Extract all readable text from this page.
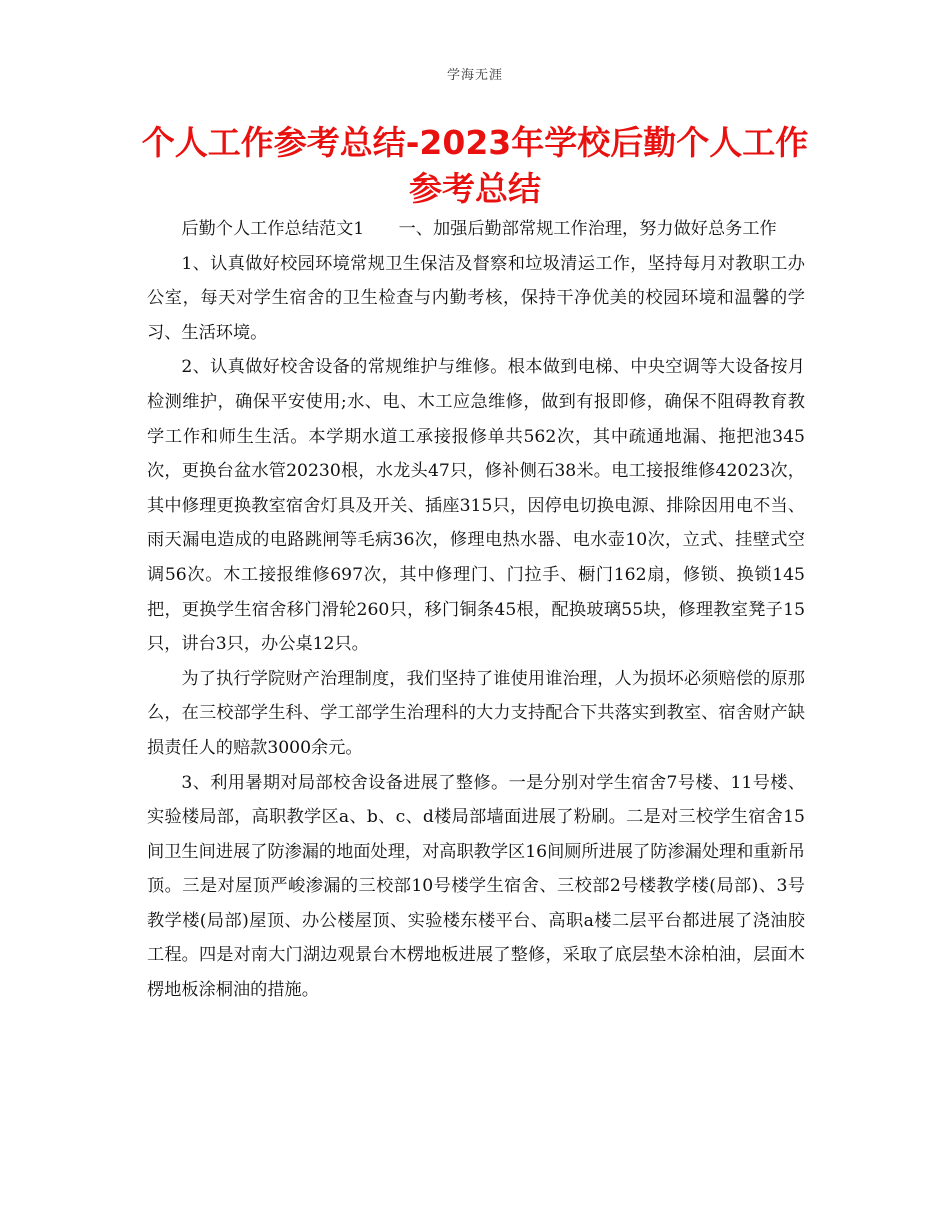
学海无涯
个人工作参考总结-2023年学校后勤个人工作参考总结

后勤个人工作总结范文1　　一、加强后勤部常规工作治理，努力做好总务工作

1、认真做好校园环境常规卫生保洁及督察和垃圾清运工作，坚持每月对教职工办公室，每天对学生宿舍的卫生检查与内勤考核，保持干净优美的校园环境和温馨的学习、生活环境。

2、认真做好校舍设备的常规维护与维修。根本做到电梯、中央空调等大设备按月检测维护，确保平安使用;水、电、木工应急维修，做到有报即修，确保不阻碍教育教学工作和师生生活。本学期水道工承接报修单共562次，其中疏通地漏、拖把池345次，更换台盆水管20230根，水龙头47只，修补侧石38米。电工接报维修42023次，其中修理更换教室宿舍灯具及开关、插座315只，因停电切换电源、排除因用电不当、雨天漏电造成的电路跳闸等毛病36次，修理电热水器、电水壶10次，立式、挂壁式空调56次。木工接报维修697次，其中修理门、门拉手、橱门162扇，修锁、换锁145把，更换学生宿舍移门滑轮260只，移门铜条45根，配换玻璃55块，修理教室凳子15只，讲台3只，办公桌12只。

为了执行学院财产治理制度，我们坚持了谁使用谁治理，人为损坏必须赔偿的原那么，在三校部学生科、学工部学生治理科的大力支持配合下共落实到教室、宿舍财产缺损责任人的赔款3000余元。

3、利用暑期对局部校舍设备进展了整修。一是分别对学生宿舍7号楼、11号楼、实验楼局部，高职教学区a、b、c、d楼局部墙面进展了粉刷。二是对三校学生宿舍15间卫生间进展了防渗漏的地面处理，对高职教学区16间厕所进展了防渗漏处理和重新吊顶。三是对屋顶严峻渗漏的三校部10号楼学生宿舍、三校部2号楼教学楼(局部)、3号教学楼(局部)屋顶、办公楼屋顶、实验楼东楼平台、高职a楼二层平台都进展了浇油胶工程。四是对南大门湖边观景台木楞地板进展了整修，采取了底层垫木涂柏油，层面木楞地板涂桐油的措施。
